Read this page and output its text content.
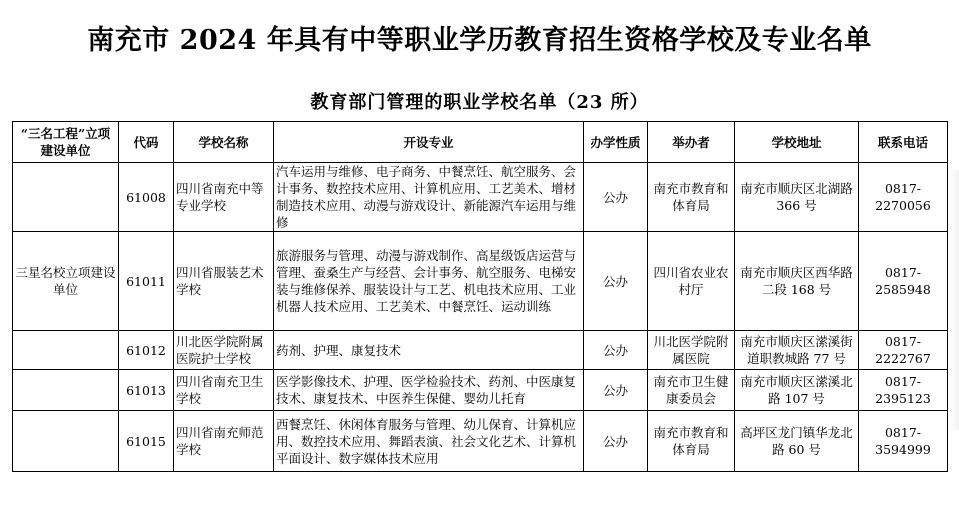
南充市 2024 年具有中等职业学历教育招生资格学校及专业名单
教育部门管理的职业学校名单（23 所）
“三名工程”立项建设单位	代码	学校名称	开设专业	办学性质	举办者	学校地址	联系电话
	61008	四川省南充中等专业学校	汽车运用与维修、电子商务、中餐烹饪、航空服务、会计事务、数控技术应用、计算机应用、工艺美术、增材制造技术应用、动漫与游戏设计、新能源汽车运用与维修	公办	南充市教育和体育局	南充市顺庆区北湖路 366 号	0817-2270056
三星名校立项建设单位	61011	四川省服装艺术学校	旅游服务与管理、动漫与游戏制作、高星级饭店运营与管理、蚕桑生产与经营、会计事务、航空服务、电梯安装与维修保养、服装设计与工艺、机电技术应用、工业机器人技术应用、工艺美术、中餐烹饪、运动训练	公办	四川省农业农村厅	南充市顺庆区西华路二段 168 号	0817-2585948
	61012	川北医学院附属医院护士学校	药剂、护理、康复技术	公办	川北医学院附属医院	南充市顺庆区潆溪街道职教城路 77 号	0817-2222767
	61013	四川省南充卫生学校	医学影像技术、护理、医学检验技术、药剂、中医康复技术、康复技术、中医养生保健、婴幼儿托育	公办	南充市卫生健康委员会	南充市顺庆区潆溪北路 107 号	0817-2395123
	61015	四川省南充师范学校	西餐烹饪、休闲体育服务与管理、幼儿保育、计算机应用、数控技术应用、舞蹈表演、社会文化艺术、计算机平面设计、数字媒体技术应用	公办	南充市教育和体育局	高坪区龙门镇华龙北路 60 号	0817-3594999
